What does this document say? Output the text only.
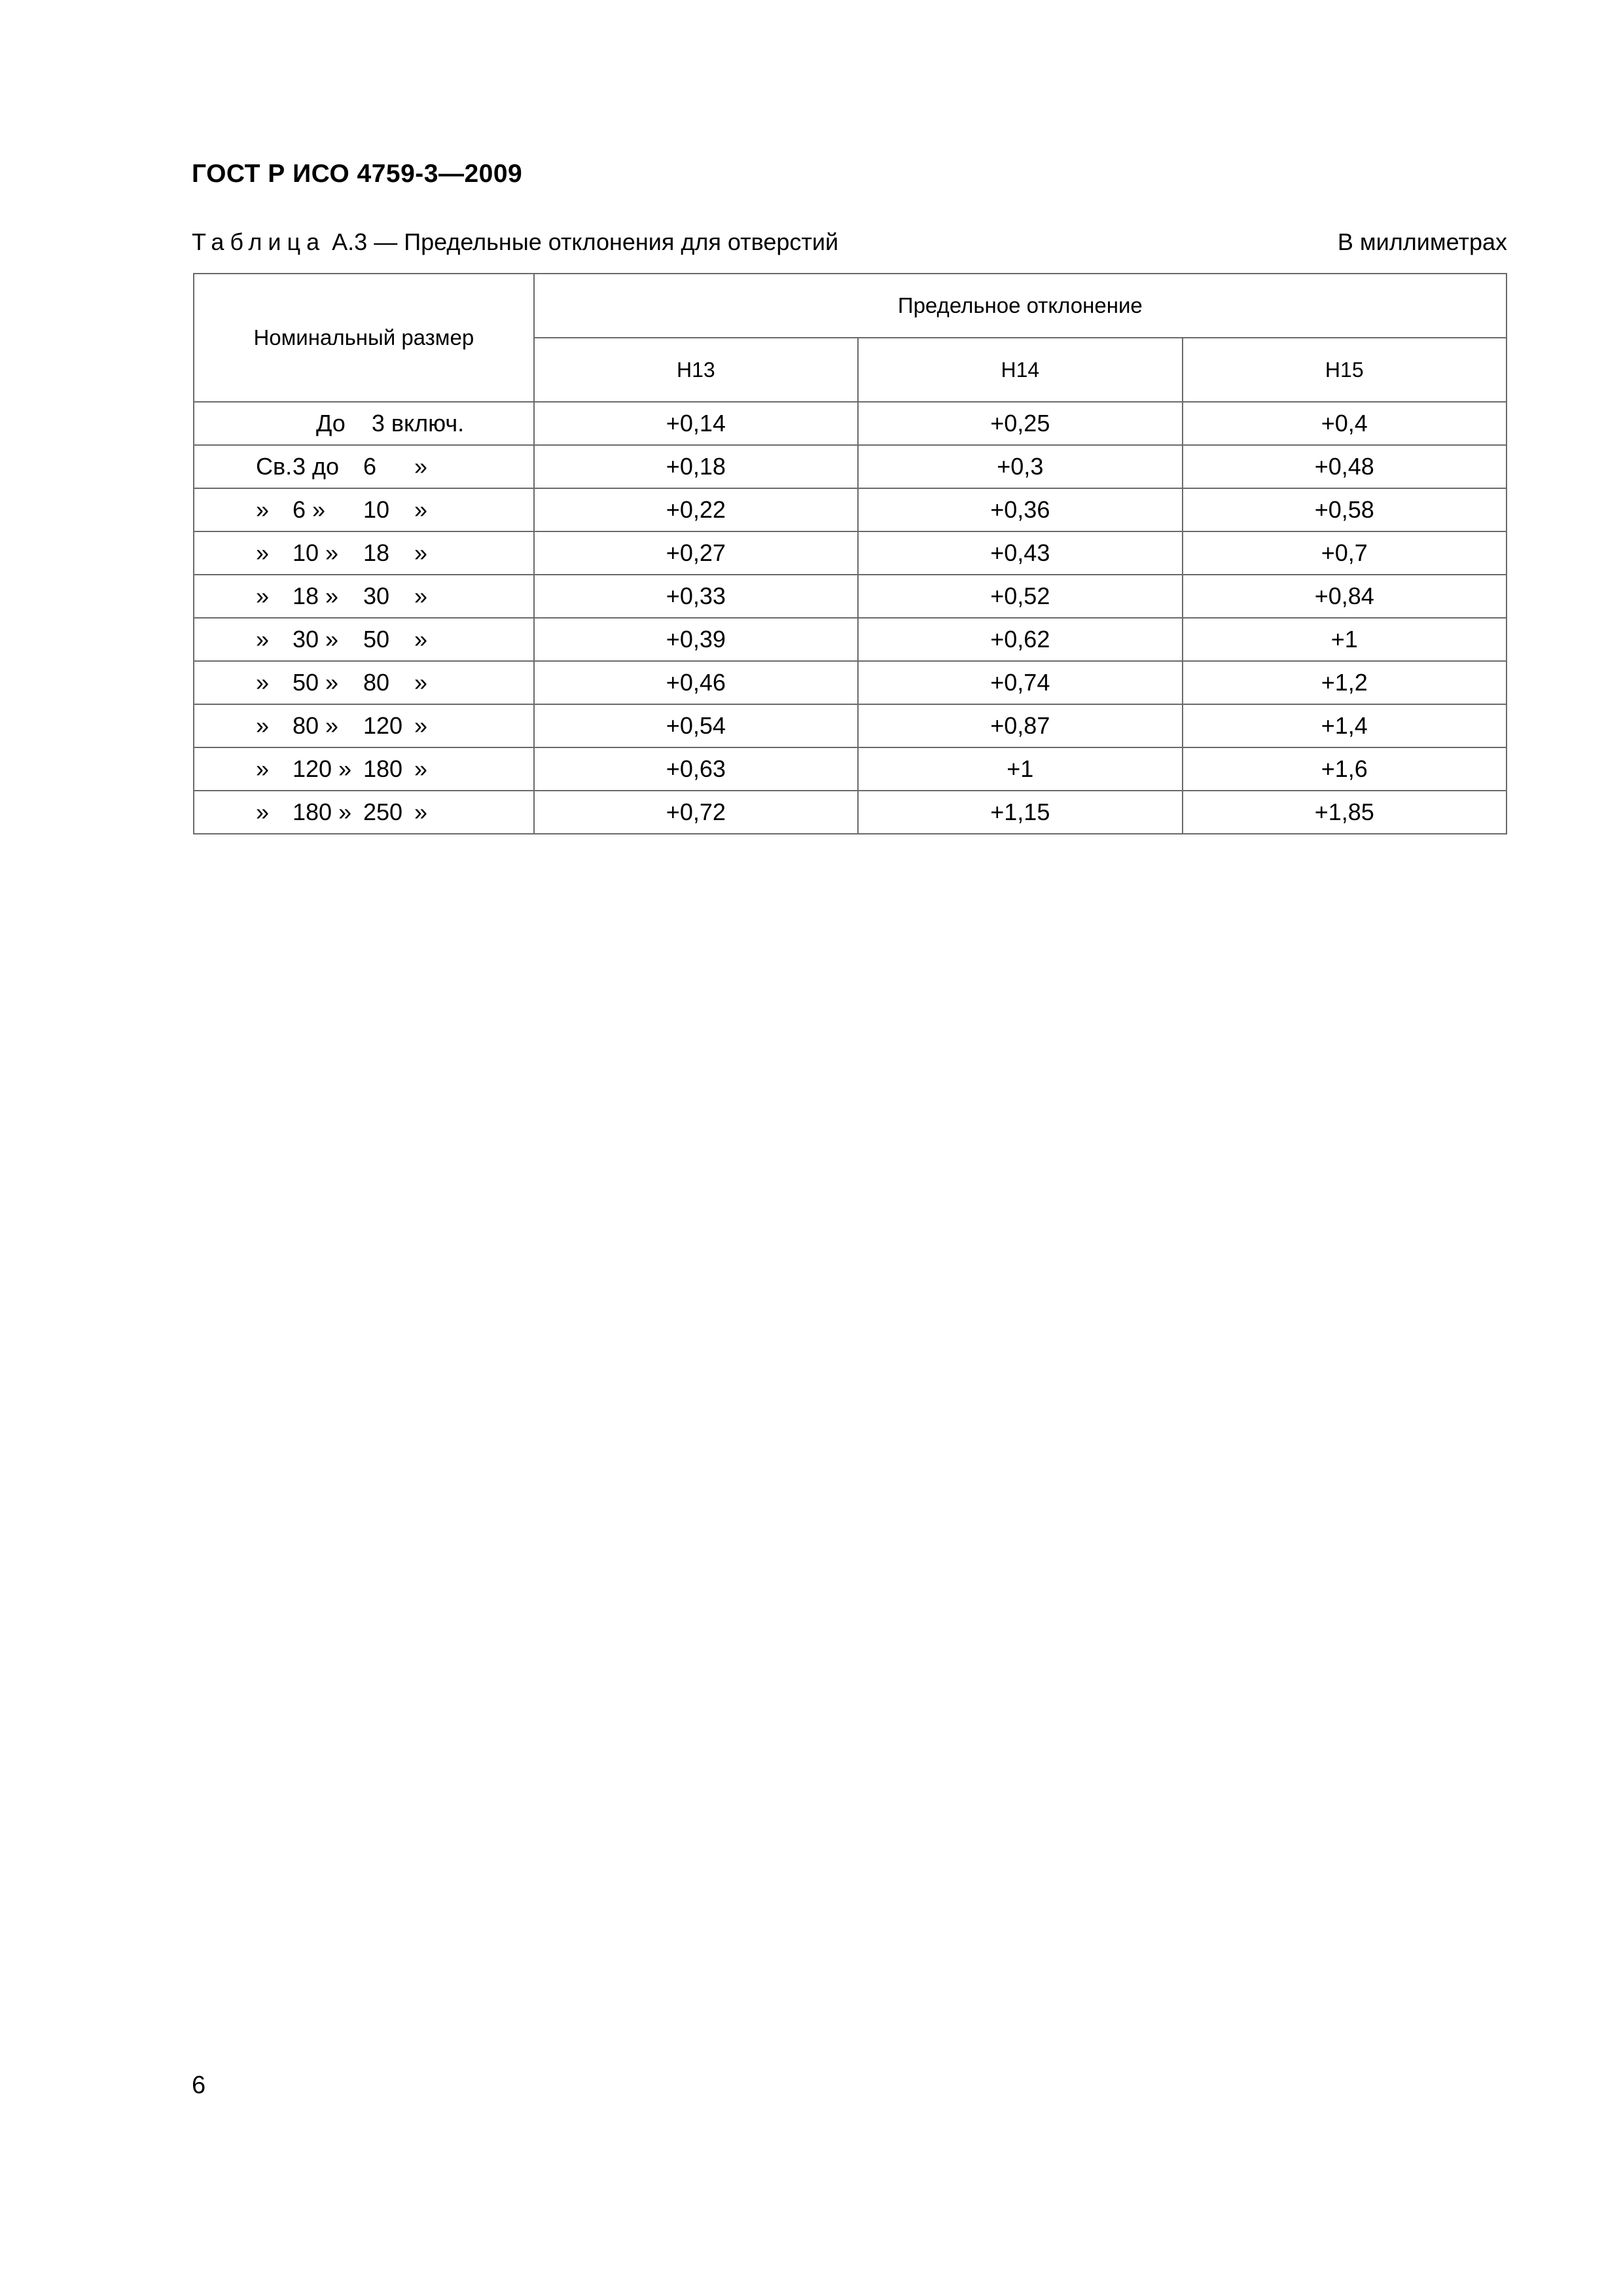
ГОСТ Р ИСО 4759-3—2009
Таблица А.3 — Предельные отклонения для отверстий	В миллиметрах
Номинальный размер	Предельное отклонение		
	H13	H14	H15

До    3 включ.	+0,14	+0,25	+0,4

Св. 3 до 6 »	+0,18	+0,3	+0,48

» 6 » 10 »	+0,22	+0,36	+0,58

» 10 » 18 »	+0,27	+0,43	+0,7

» 18 » 30 »	+0,33	+0,52	+0,84

» 30 » 50 »	+0,39	+0,62	+1

» 50 » 80 »	+0,46	+0,74	+1,2

» 80 » 120 »	+0,54	+0,87	+1,4

» 120 » 180 »	+0,63	+1	+1,6

» 180 » 250 »	+0,72	+1,15	+1,85
6
